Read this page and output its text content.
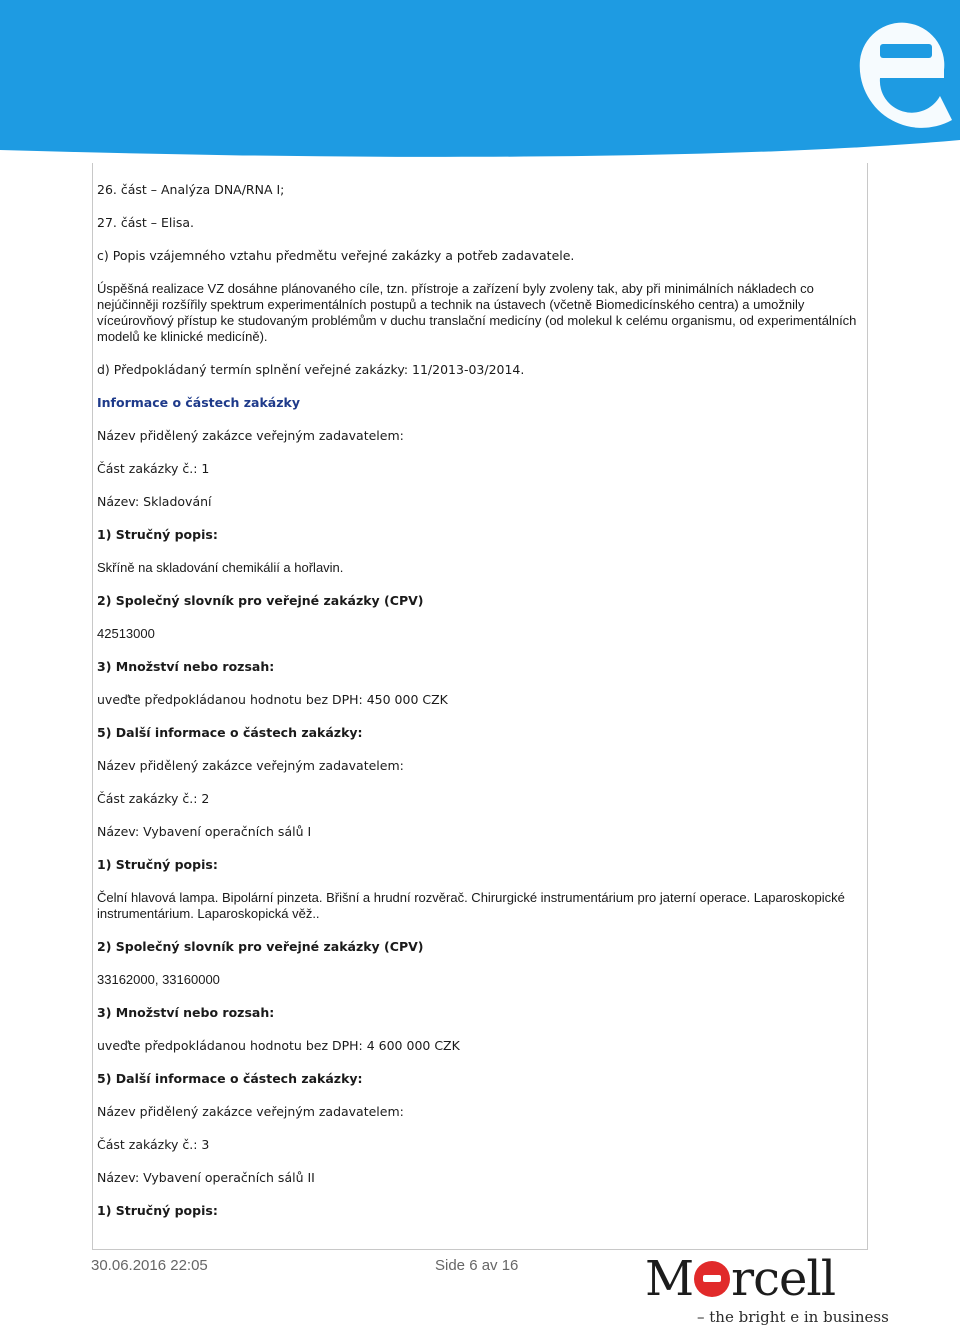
26. část – Analýza DNA/RNA I;

27. část – Elisa.

c) Popis vzájemného vztahu předmětu veřejné zakázky a potřeb zadavatele.

Úspěšná realizace VZ dosáhne plánovaného cíle, tzn. přístroje a zařízení byly zvoleny tak, aby při minimálních nákladech co nejúčinněji rozšířily spektrum experimentálních postupů a technik na ústavech (včetně Biomedicínského centra) a umožnily víceúrovňový přístup ke studovaným problémům v duchu translační medicíny (od molekul k celému organismu, od experimentálních modelů ke klinické medicíně).

d) Předpokládaný termín splnění veřejné zakázky: 11/2013-03/2014.

Informace o částech zakázky

Název přidělený zakázce veřejným zadavatelem:

Část zakázky č.: 1

Název: Skladování

1) Stručný popis:

Skříně na skladování chemikálií a hořlavin.

2) Společný slovník pro veřejné zakázky (CPV)

42513000

3) Množství nebo rozsah:

uveďte předpokládanou hodnotu bez DPH: 450 000 CZK

5) Další informace o částech zakázky:

Název přidělený zakázce veřejným zadavatelem:

Část zakázky č.: 2

Název: Vybavení operačních sálů I

1) Stručný popis:

Čelní hlavová lampa. Bipolární pinzeta. Břišní a hrudní rozvěrač. Chirurgické instrumentárium pro jaterní operace. Laparoskopické instrumentárium. Laparoskopická věž..

2) Společný slovník pro veřejné zakázky (CPV)

33162000, 33160000

3) Množství nebo rozsah:

uveďte předpokládanou hodnotu bez DPH: 4 600 000 CZK

5) Další informace o částech zakázky:

Název přidělený zakázce veřejným zadavatelem:

Část zakázky č.: 3

Název: Vybavení operačních sálů II

1) Stručný popis:

30.06.2016 22:05	Side 6 av 16	M rcell
– the bright e in business
